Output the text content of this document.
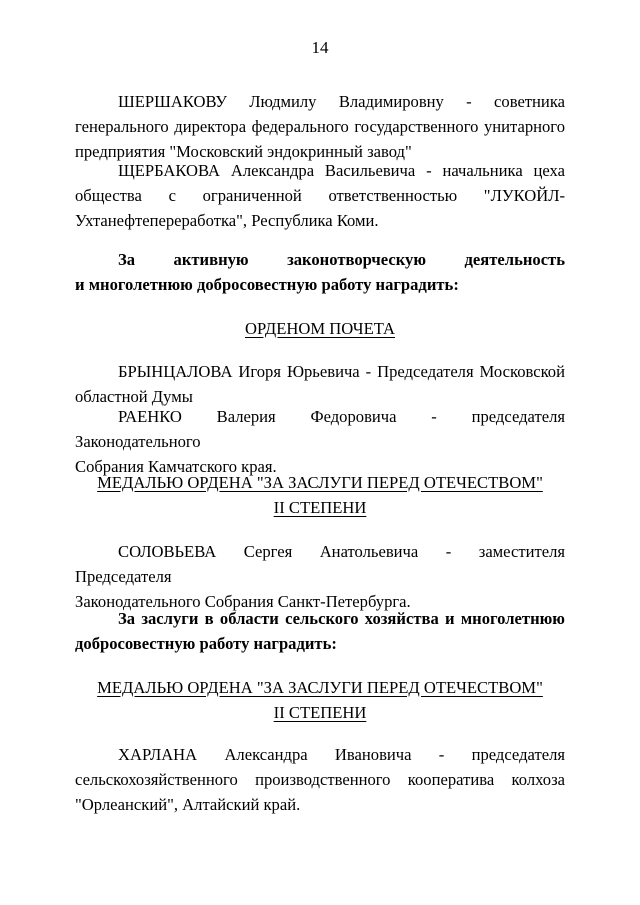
14
ШЕРШАКОВУ Людмилу Владимировну - советника
генерального директора федерального государственного унитарного
предприятия "Московский эндокринный завод"
ЩЕРБАКОВА Александра Васильевича - начальника цеха
общества с ограниченной ответственностью "ЛУКОЙЛ-
Ухтанефтепереработка", Республика Коми.
За активную законотворческую деятельность
и многолетнюю добросовестную работу наградить:
ОРДЕНОМ ПОЧЕТА
БРЫНЦАЛОВА Игоря Юрьевича - Председателя Московской
областной Думы
РАЕНКО Валерия Федоровича - председателя Законодательного
Собрания Камчатского края.
МЕДАЛЬЮ ОРДЕНА "ЗА ЗАСЛУГИ ПЕРЕД ОТЕЧЕСТВОМ"
II СТЕПЕНИ
СОЛОВЬЕВА Сергея Анатольевича - заместителя Председателя
Законодательного Собрания Санкт-Петербурга.
За заслуги в области сельского хозяйства и многолетнюю
добросовестную работу наградить:
МЕДАЛЬЮ ОРДЕНА "ЗА ЗАСЛУГИ ПЕРЕД ОТЕЧЕСТВОМ"
II СТЕПЕНИ
ХАРЛАНА Александра Ивановича - председателя
сельскохозяйственного производственного кооператива колхоза
"Орлеанский", Алтайский край.
